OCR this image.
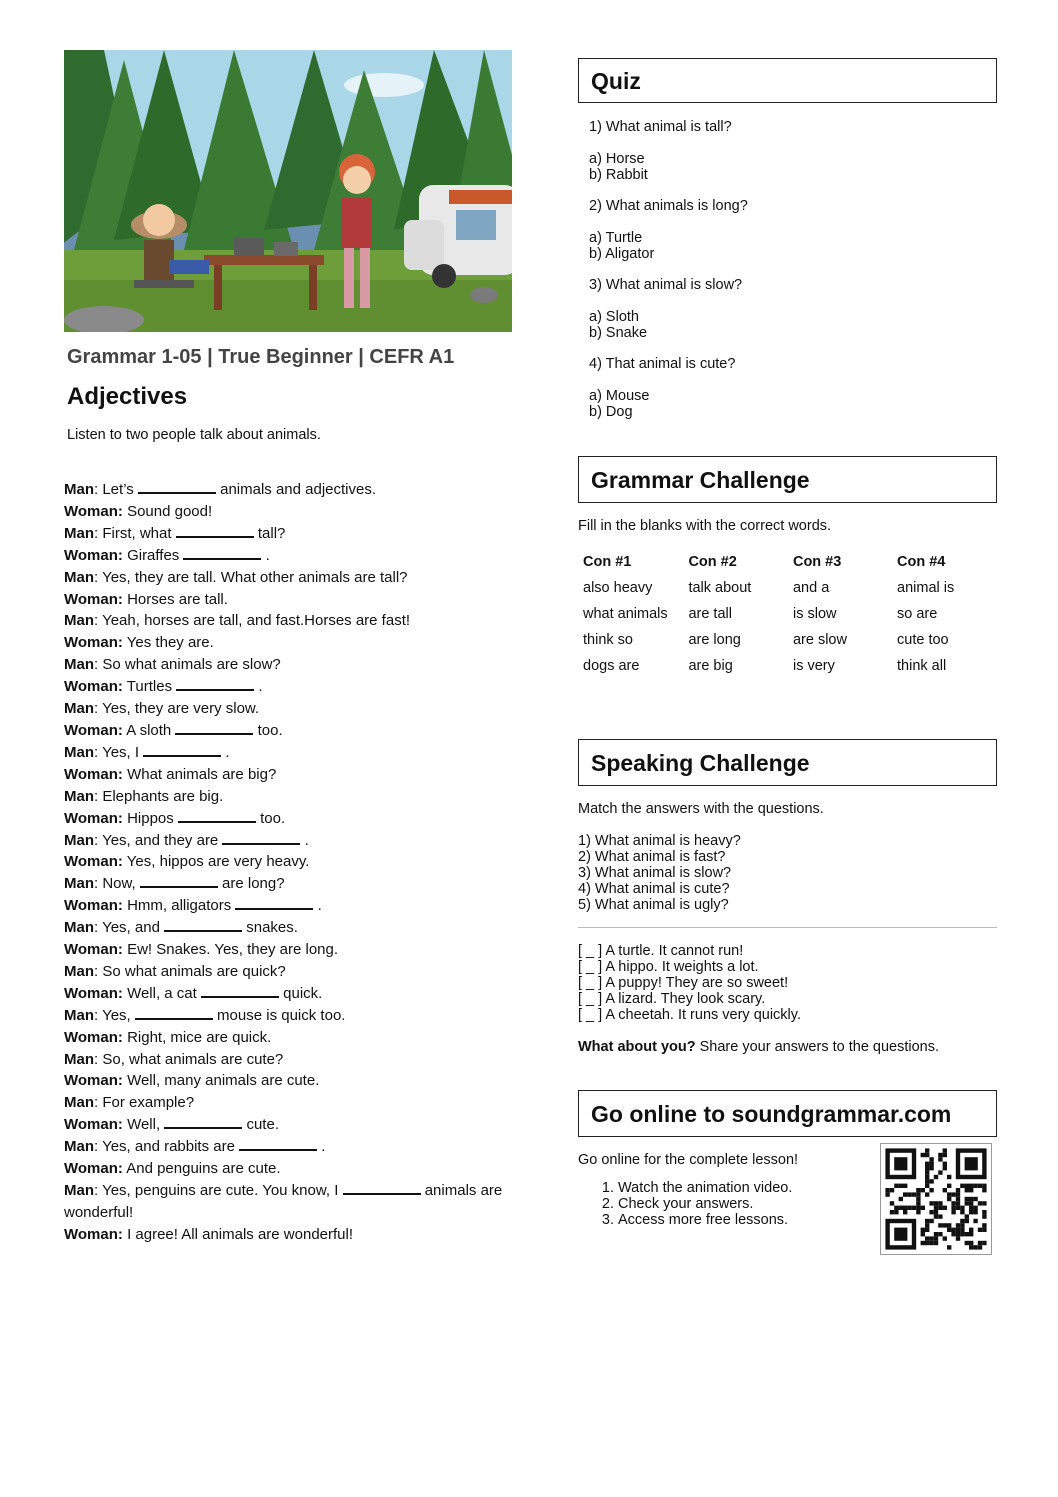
Grammar 1-05 | True Beginner | CEFR A1
Adjectives
Listen to two people talk about animals.
Man: Let’s	animals and adjectives.
Woman: Sound good!
Man: First, what	tall?
Woman: Giraffes	.
Man: Yes, they are tall. What other animals are tall?
Woman: Horses are tall.
Man: Yeah, horses are tall, and fast.Horses are fast!
Woman: Yes they are.
Man: So what animals are slow?
Woman: Turtles	.
Man: Yes, they are very slow.
Woman: A sloth	too.
Man: Yes, I	.
Woman: What animals are big?
Man: Elephants are big.
Woman: Hippos	too.
Man: Yes, and they are	.
Woman: Yes, hippos are very heavy.
Man: Now,	are long?
Woman: Hmm, alligators	.
Man: Yes, and	snakes.
Woman: Ew! Snakes. Yes, they are long.
Man: So what animals are quick?
Woman: Well, a cat	quick.
Man: Yes,	mouse is quick too.
Woman: Right, mice are quick.
Man: So, what animals are cute?
Woman: Well, many animals are cute.
Man: For example?
Woman: Well,	cute.
Man: Yes, and rabbits are	.
Woman: And penguins are cute.
Man: Yes, penguins are cute. You know, I	animals are wonderful!
Woman: I agree! All animals are wonderful!
Quiz
1) What animal is tall?
a) Horse
b) Rabbit
2) What animals is long?
a) Turtle
b) Aligator
3) What animal is slow?
a) Sloth
b) Snake
4) That animal is cute?
a) Mouse
b) Dog
Grammar Challenge
Fill in the blanks with the correct words.
Con #1	Con #2	Con #3	Con #4
also heavy	talk about	and a	animal is
what animals	are tall	is slow	so are
think so	are long	are slow	cute too
dogs are	are big	is very	think all
Speaking Challenge
Match the answers with the questions.
1) What animal is heavy?
2) What animal is fast?
3) What animal is slow?
4) What animal is cute?
5) What animal is ugly?
[ _ ] A turtle. It cannot run!
[ _ ] A hippo. It weights a lot.
[ _ ] A puppy! They are so sweet!
[ _ ] A lizard. They look scary.
[ _ ] A cheetah. It runs very quickly.
What about you? Share your answers to the questions.
Go online to soundgrammar.com
Go online for the complete lesson!
1. Watch the animation video.
2. Check your answers.
3. Access more free lessons.
